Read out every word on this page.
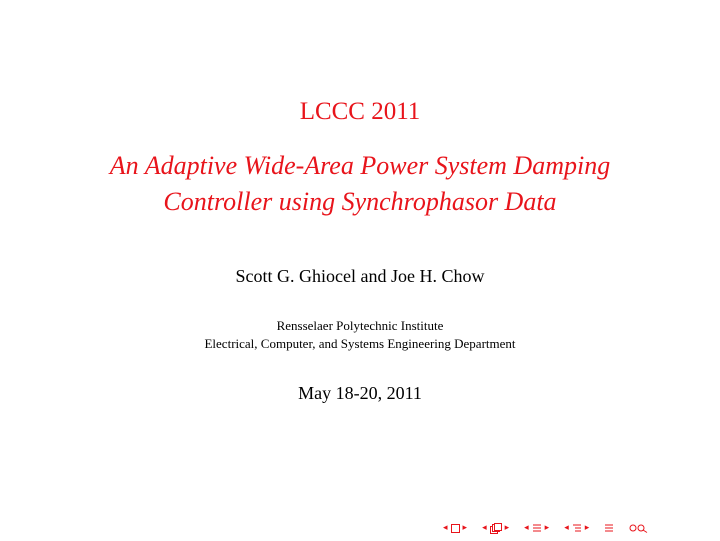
LCCC 2011
An Adaptive Wide-Area Power System Damping
Controller using Synchrophasor Data
Scott G. Ghiocel and Joe H. Chow
Rensselaer Polytechnic Institute
Electrical, Computer, and Systems Engineering Department
May 18-20, 2011
◂ ▸ ◂ ▸ ◂ ▸ ◂ ▸
